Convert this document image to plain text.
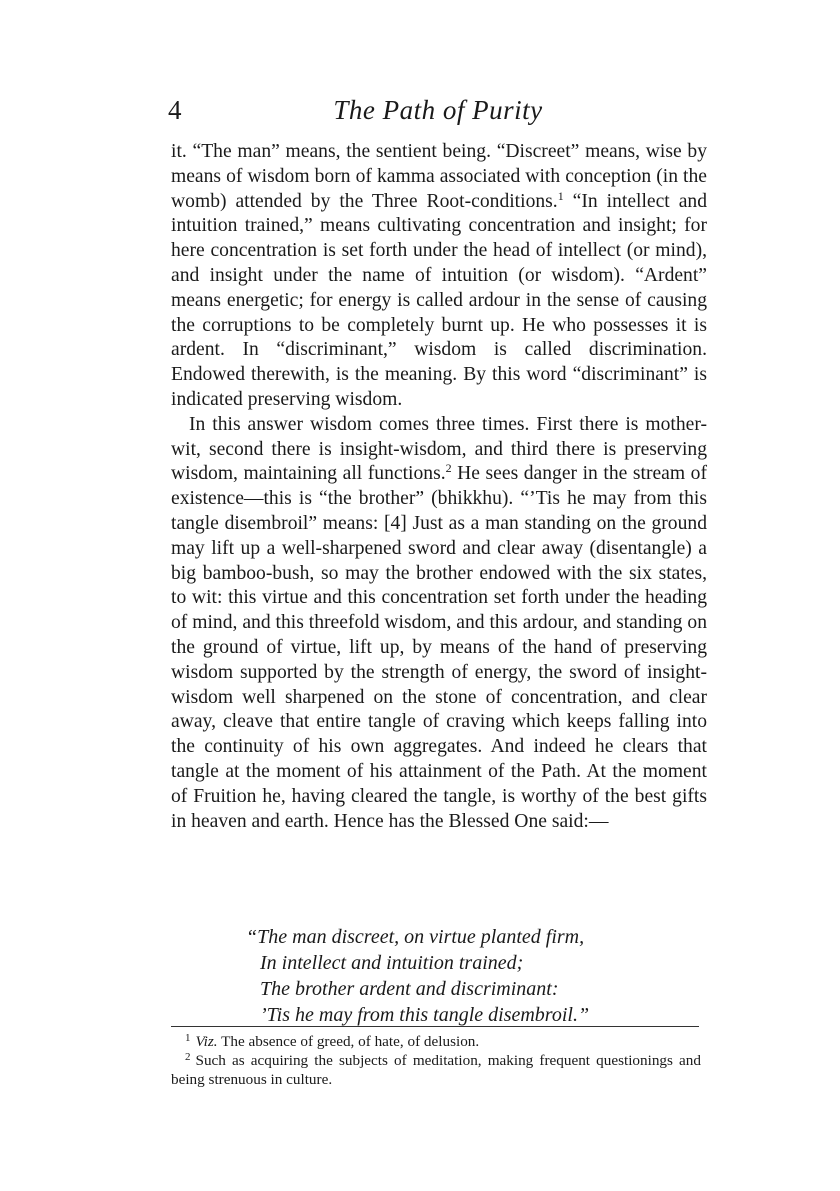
4	The Path of Purity

it. “The man” means, the sentient being. “Discreet” means, wise by means of wisdom born of kamma associated with conception (in the womb) attended by the Three Root-conditions.$^1$ “In intellect and intuition trained,” means cultivating concentration and insight; for here concentration is set forth under the head of intellect (or mind), and insight under the name of intuition (or wisdom). “Ardent” means energetic; for energy is called ardour in the sense of causing the corruptions to be completely burnt up. He who possesses it is ardent. In “discriminant,” wisdom is called discrimination. Endowed therewith, is the meaning. By this word “discriminant” is indicated preserving wisdom.

In this answer wisdom comes three times. First there is mother-wit, second there is insight-wisdom, and third there is preserving wisdom, maintaining all functions.$^2$ He sees danger in the stream of existence—this is “the brother” (bhikkhu). “’Tis he may from this tangle disembroil” means: [4] Just as a man standing on the ground may lift up a well-sharpened sword and clear away (disentangle) a big bamboo-bush, so may the brother endowed with the six states, to wit: this virtue and this concentration set forth under the heading of mind, and this threefold wisdom, and this ardour, and standing on the ground of virtue, lift up, by means of the hand of preserving wisdom supported by the strength of energy, the sword of insight-wisdom well sharpened on the stone of concentration, and clear away, cleave that entire tangle of craving which keeps falling into the continuity of his own aggregates. And indeed he clears that tangle at the moment of his attainment of the Path. At the moment of Fruition he, having cleared the tangle, is worthy of the best gifts in heaven and earth. Hence has the Blessed One said:—

“The man discreet, on virtue planted firm,
In intellect and intuition trained;
The brother ardent and discriminant:
’Tis he may from this tangle disembroil.”

$^1$ Viz. The absence of greed, of hate, of delusion.

$^2$ Such as acquiring the subjects of meditation, making frequent questionings and being strenuous in culture.
